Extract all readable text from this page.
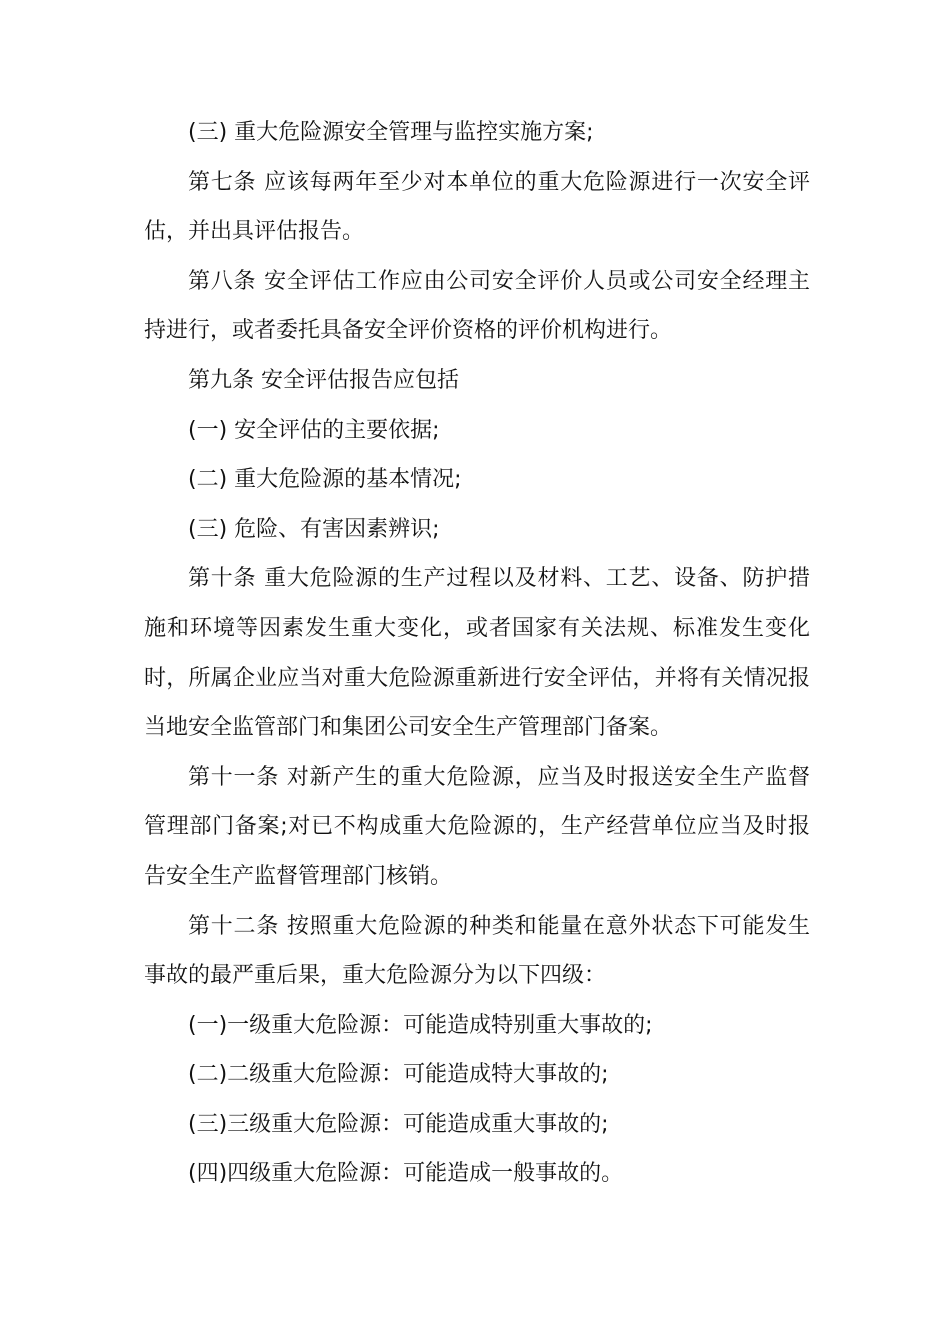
(三) 重大危险源安全管理与监控实施方案;

第七条 应该每两年至少对本单位的重大危险源进行一次安全评估，并出具评估报告。

第八条 安全评估工作应由公司安全评价人员或公司安全经理主持进行，或者委托具备安全评价资格的评价机构进行。

第九条 安全评估报告应包括

(一) 安全评估的主要依据;

(二) 重大危险源的基本情况;

(三) 危险、有害因素辨识;

第十条 重大危险源的生产过程以及材料、工艺、设备、防护措施和环境等因素发生重大变化，或者国家有关法规、标准发生变化时，所属企业应当对重大危险源重新进行安全评估，并将有关情况报当地安全监管部门和集团公司安全生产管理部门备案。

第十一条 对新产生的重大危险源，应当及时报送安全生产监督管理部门备案;对已不构成重大危险源的，生产经营单位应当及时报告安全生产监督管理部门核销。

第十二条 按照重大危险源的种类和能量在意外状态下可能发生事故的最严重后果，重大危险源分为以下四级：

(一)一级重大危险源：可能造成特别重大事故的;

(二)二级重大危险源：可能造成特大事故的;

(三)三级重大危险源：可能造成重大事故的;

(四)四级重大危险源：可能造成一般事故的。
